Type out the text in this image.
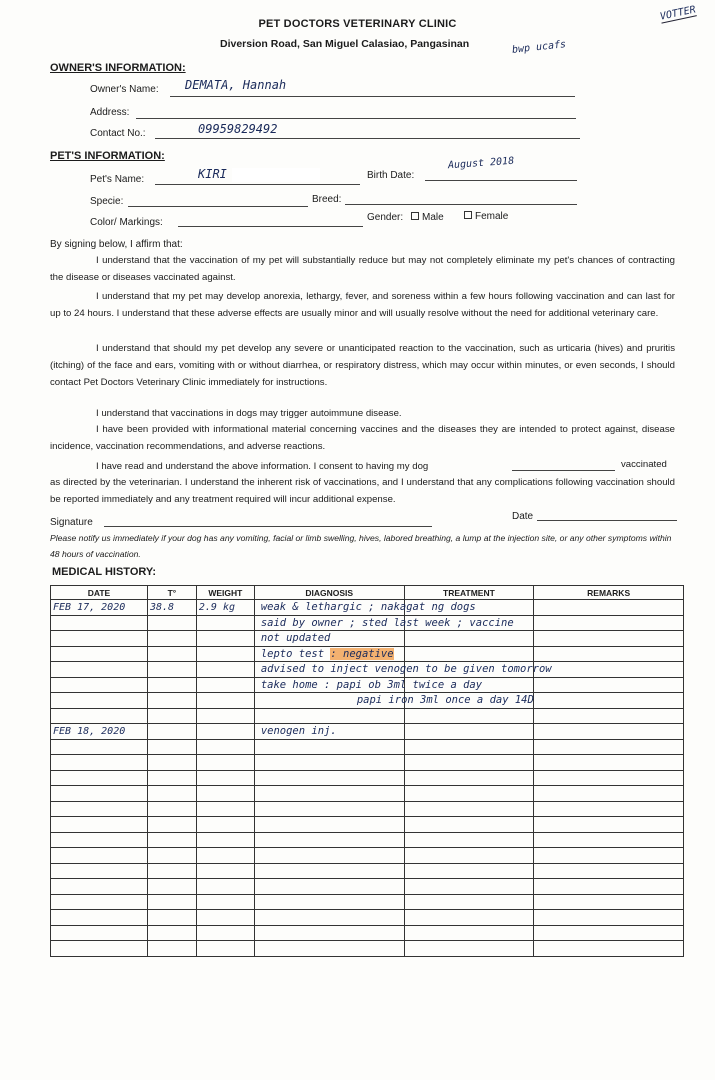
VOTTER
PET DOCTORS VETERINARY CLINIC
Diversion Road, San Miguel Calasiao, Pangasinan	bwp ucafs
OWNER'S INFORMATION:
Owner's Name: DEMATA, Hannah
Address:
Contact No.:	09959829492
PET'S INFORMATION:
Pet's Name:	KIRI	Birth Date:
August 2018
Specie:	Breed:
Color/ Markings:	Gender:	Male	Female
By signing below, I affirm that:
I understand that the vaccination of my pet will substantially reduce but may not completely eliminate my pet's chances of contracting the disease or diseases vaccinated against.
I understand that my pet may develop anorexia, lethargy, fever, and soreness within a few hours following vaccination and can last for up to 24 hours. I understand that these adverse effects are usually minor and will usually resolve without the need for additional veterinary care.
I understand that should my pet develop any severe or unanticipated reaction to the vaccination, such as urticaria (hives) and pruritis (itching) of the face and ears, vomiting with or without diarrhea, or respiratory distress, which may occur within minutes, or even seconds, I should contact Pet Doctors Veterinary Clinic immediately for instructions.
I understand that vaccinations in dogs may trigger autoimmune disease.
I have been provided with informational material concerning vaccines and the diseases they are intended to protect against, disease incidence, vaccination recommendations, and adverse reactions.
I have read and understand the above information. I consent to having my dog	vaccinated
as directed by the veterinarian. I understand the inherent risk of vaccinations, and I understand that any complications following vaccination should be reported immediately and any treatment required will incur additional expense.
Signature
Date
Please notify us immediately if your dog has any vomiting, facial or limb swelling, hives, labored breathing, a lump at the injection site, or any other symptoms within 48 hours of vaccination.
MEDICAL HISTORY:
DATE	T°	WEIGHT	DIAGNOSIS	TREATMENT	REMARKS
FEB 17, 2020	38.8	2.9 kg	weak & lethargic ; nakagat ng dogs		

			said by owner ; sted last week ; vaccine		

			not updated		

			lepto test : negative		

			advised to inject venogen to be given tomorrow		

			take home : papi ob 3ml twice a day		

			papi iron 3ml once a day 14D		

FEB 18, 2020			venogen inj.		
